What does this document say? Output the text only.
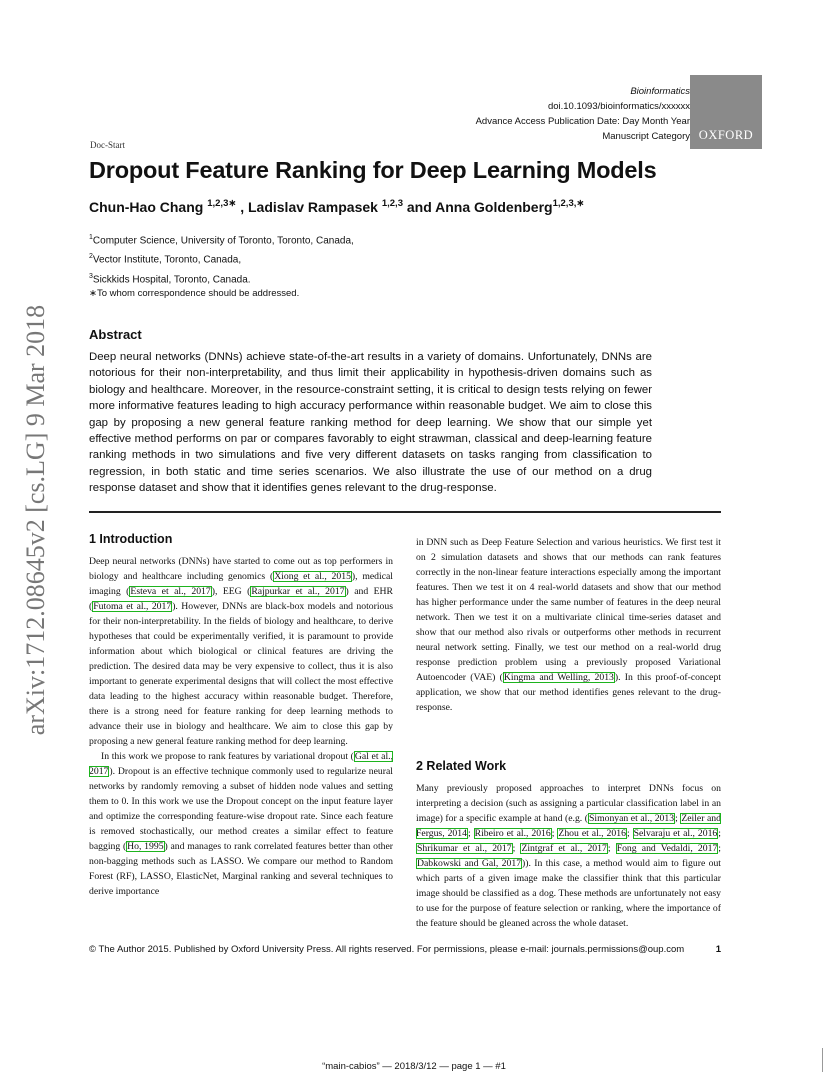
Bioinformatics
doi.10.1093/bioinformatics/xxxxxx
Advance Access Publication Date: Day Month Year
Manuscript Category OXFORD
Doc-Start
Dropout Feature Ranking for Deep Learning Models
Chun-Hao Chang $^{1,2,3∗}$ , Ladislav Rampasek $^{1,2,3}$ and Anna Goldenberg$^{1,2,3,∗}$
$^1$Computer Science, University of Toronto, Toronto, Canada,
$^2$Vector Institute, Toronto, Canada,
$^3$Sickkids Hospital, Toronto, Canada.
∗To whom correspondence should be addressed.
Abstract
Deep neural networks (DNNs) achieve state-of-the-art results in a variety of domains. Unfortunately, DNNs are notorious for their non-interpretability, and thus limit their applicability in hypothesis-driven domains such as biology and healthcare. Moreover, in the resource-constraint setting, it is critical to design tests relying on fewer more informative features leading to high accuracy performance within reasonable budget. We aim to close this gap by proposing a new general feature ranking method for deep learning. We show that our simple yet effective method performs on par or compares favorably to eight strawman, classical and deep-learning feature ranking methods in two simulations and five very different datasets on tasks ranging from classification to regression, in both static and time series scenarios. We also illustrate the use of our method on a drug response dataset and show that it identifies genes relevant to the drug-response.
1 Introduction

Deep neural networks (DNNs) have started to come out as top performers in biology and healthcare including genomics (Xiong et al., 2015), medical imaging (Esteva et al., 2017), EEG (Rajpurkar et al., 2017) and EHR (Futoma et al., 2017). However, DNNs are black-box models and notorious for their non-interpretability. In the fields of biology and healthcare, to derive hypotheses that could be experimentally verified, it is paramount to provide information about which biological or clinical features are driving the prediction. The desired data may be very expensive to collect, thus it is also important to generate experimental designs that will collect the most effective data leading to the highest accuracy within reasonable budget. Therefore, there is a strong need for feature ranking for deep learning methods to advance their use in biology and healthcare. We aim to close this gap by proposing a new general feature ranking method for deep learning.

In this work we propose to rank features by variational dropout (Gal et al., 2017). Dropout is an effective technique commonly used to regularize neural networks by randomly removing a subset of hidden node values and setting them to 0. In this work we use the Dropout concept on the input feature layer and optimize the corresponding feature-wise dropout rate. Since each feature is removed stochastically, our method creates a similar effect to feature bagging (Ho, 1995) and manages to rank correlated features better than other non-bagging methods such as LASSO. We compare our method to Random Forest (RF), LASSO, ElasticNet, Marginal ranking and several techniques to derive importance

in DNN such as Deep Feature Selection and various heuristics. We first test it on 2 simulation datasets and shows that our methods can rank features correctly in the non-linear feature interactions especially among the important features. Then we test it on 4 real-world datasets and show that our method has higher performance under the same number of features in the deep neural network. Then we test it on a multivariate clinical time-series dataset and show that our method also rivals or outperforms other methods in recurrent neural network setting. Finally, we test our method on a real-world drug response prediction problem using a previously proposed Variational Autoencoder (VAE) (Kingma and Welling, 2013). In this proof-of-concept application, we show that our method identifies genes relevant to the drug-response.

2 Related Work

Many previously proposed approaches to interpret DNNs focus on interpreting a decision (such as assigning a particular classification label in an image) for a specific example at hand (e.g. (Simonyan et al., 2013; Zeiler and Fergus, 2014; Ribeiro et al., 2016; Zhou et al., 2016; Selvaraju et al., 2016; Shrikumar et al., 2017; Zintgraf et al., 2017; Fong and Vedaldi, 2017; Dabkowski and Gal, 2017)). In this case, a method would aim to figure out which parts of a given image make the classifier think that this particular image should be classified as a dog. These methods are unfortunately not easy to use for the purpose of feature selection or ranking, where the importance of the feature should be gleaned across the whole dataset.

arXiv:1712.08645v2 [cs.LG] 9 Mar 2018
© The Author 2015. Published by Oxford University Press. All rights reserved. For permissions, please e-mail: journals.permissions@oup.com	1
“main-cabios” — 2018/3/12 — page 1 — #1
